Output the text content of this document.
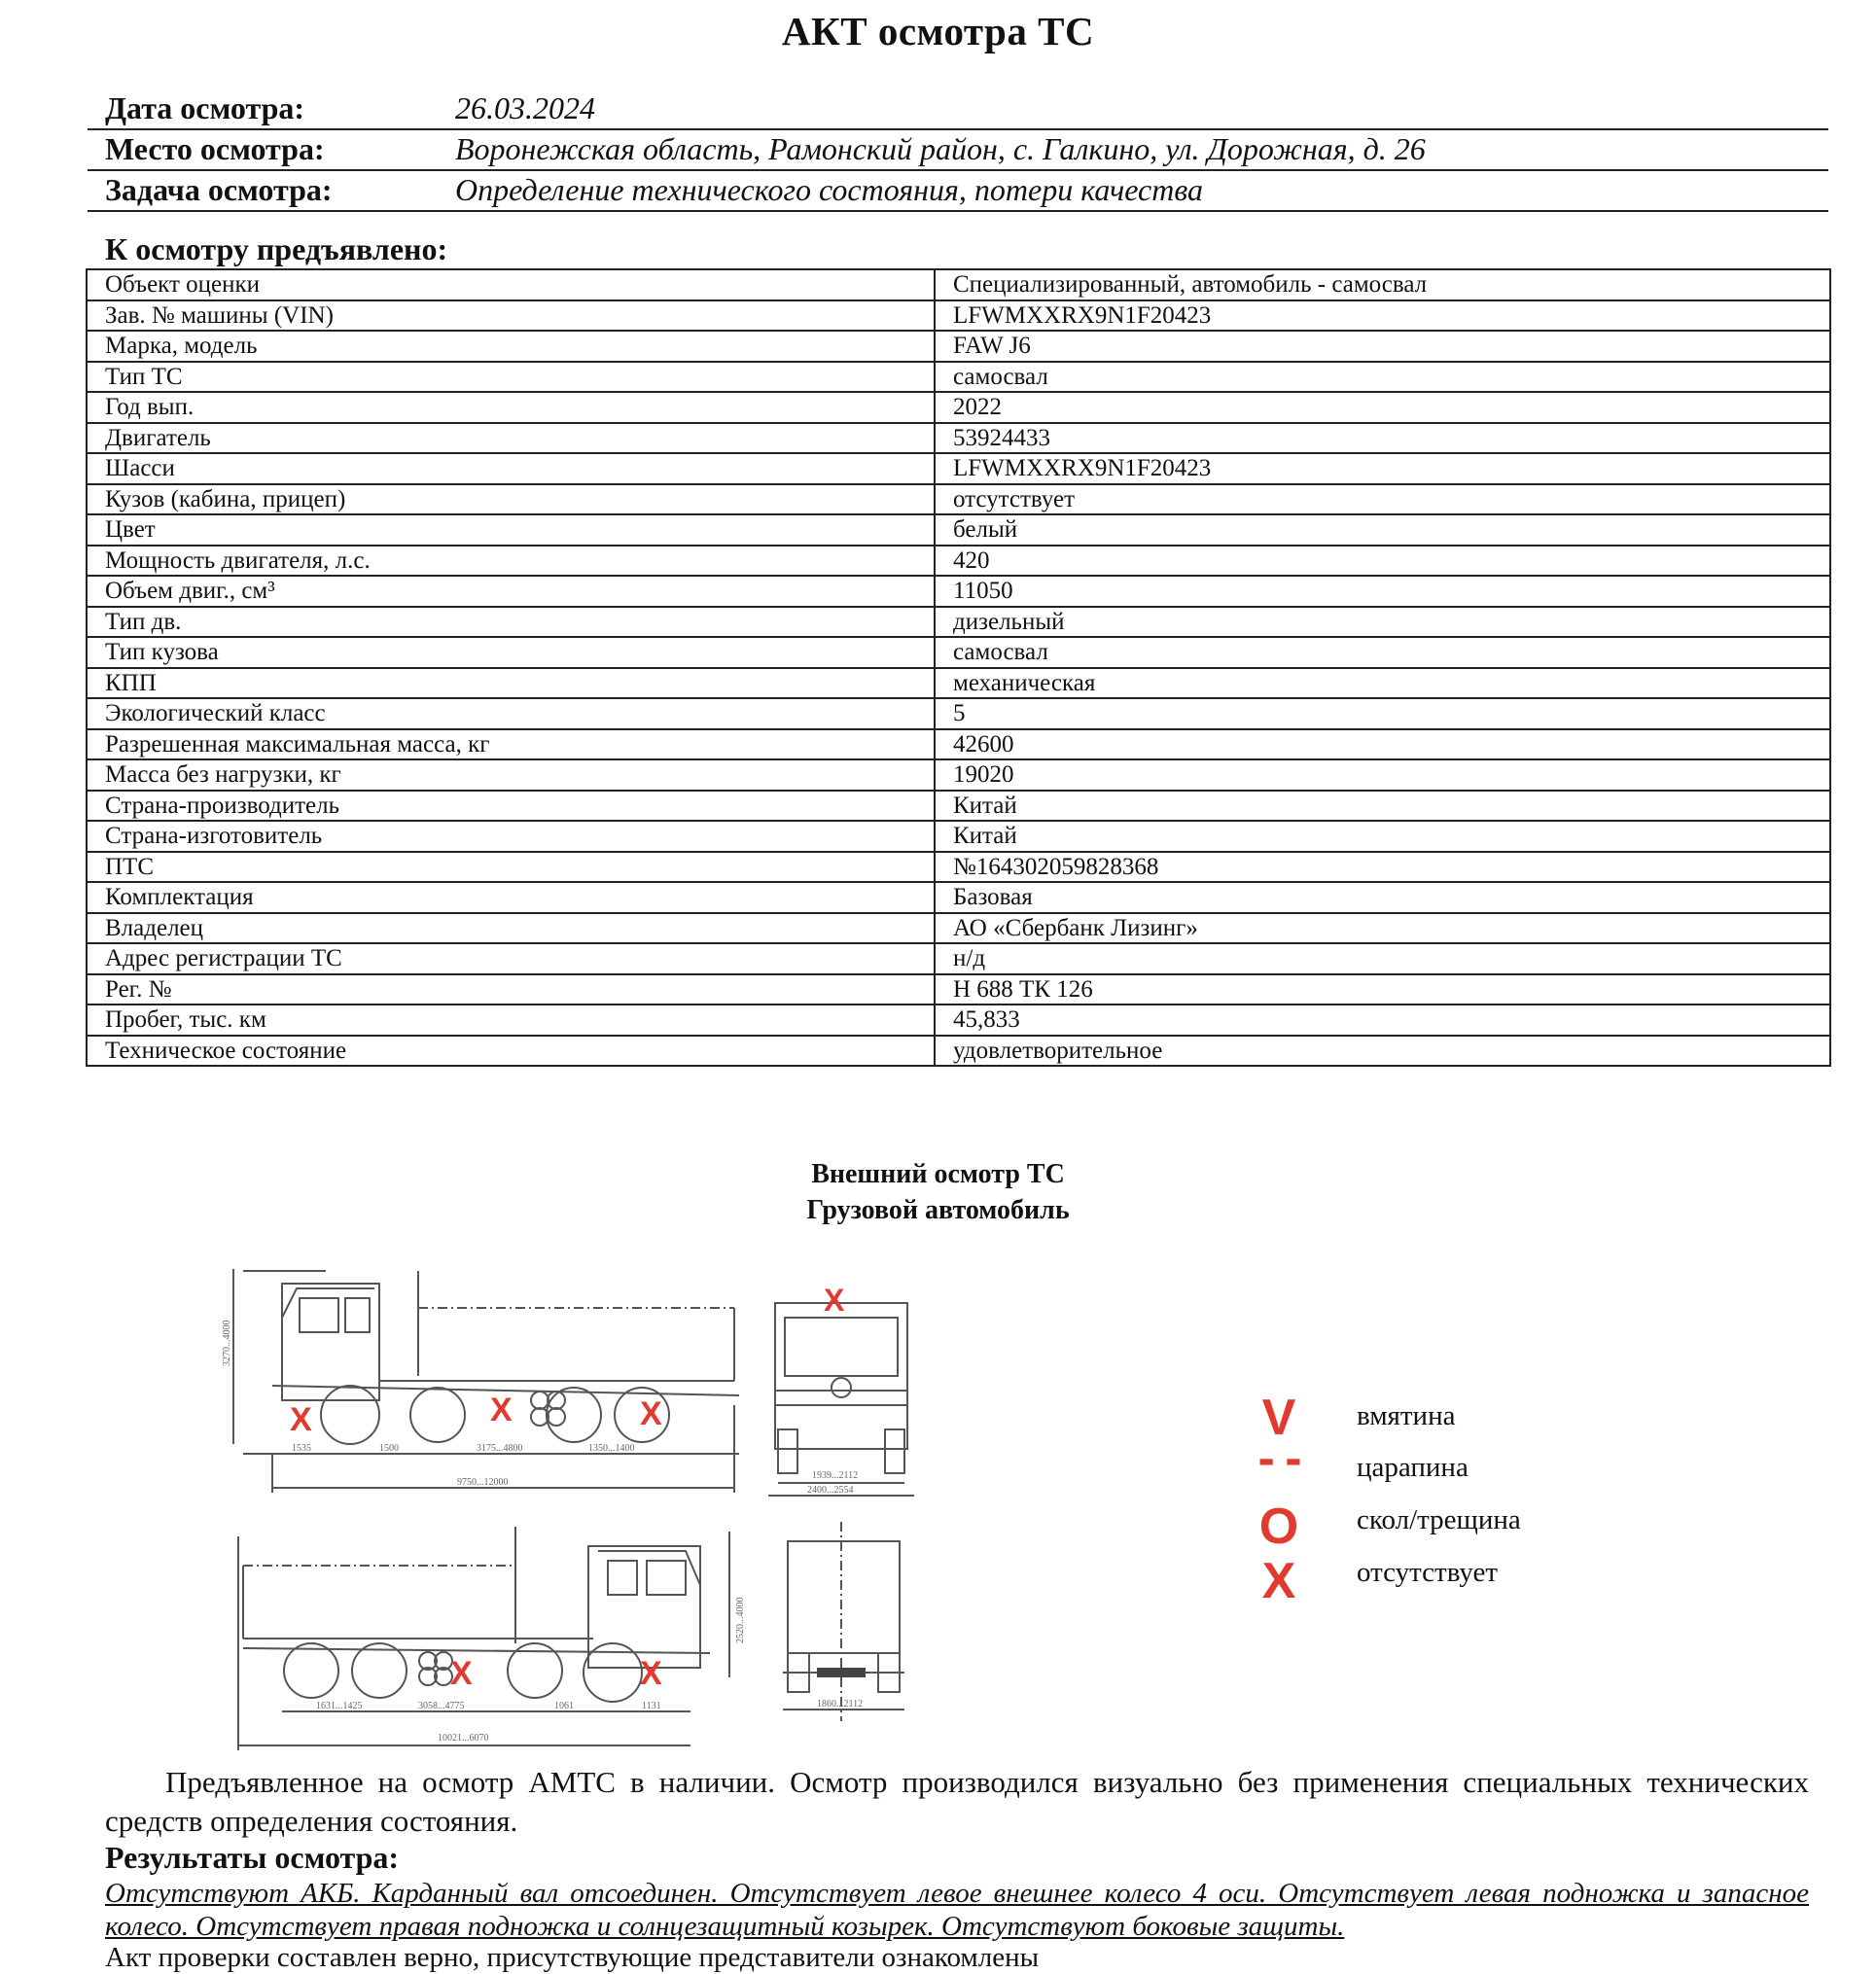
АКТ осмотра ТС
Дата осмотра:	26.03.2024
Место осмотра:	Воронежская область, Рамонский район, с. Галкино, ул. Дорожная, д. 26
Задача осмотра:	Определение технического состояния, потери качества
К осмотру предъявлено:
Объект оценки	Специализированный, автомобиль - самосвал
Зав. № машины (VIN)	LFWMXXRX9N1F20423
Марка, модель	FAW J6
Тип ТС	самосвал
Год вып.	2022
Двигатель	53924433
Шасси	LFWMXXRX9N1F20423
Кузов (кабина, прицеп)	отсутствует
Цвет	белый
Мощность двигателя, л.с.	420
Объем двиг., см³	11050
Тип дв.	дизельный
Тип кузова	самосвал
КПП	механическая
Экологический класс	5
Разрешенная максимальная масса, кг	42600
Масса без нагрузки, кг	19020
Страна-производитель	Китай
Страна-изготовитель	Китай
ПТС	№164302059828368
Комплектация	Базовая
Владелец	АО «Сбербанк Лизинг»
Адрес регистрации ТС	н/д
Рег. №	Н 688 ТК 126
Пробег, тыс. км	45,833
Техническое состояние	удовлетворительное
Внешний осмотр ТС
Грузовой автомобиль
1535	1500	3175...4800	1350...1400
9750...12000
3270...4000
X	X	X
1939...2112
2400...2554
X
1631...1425	3058...4775	1061	1131
10021...6070
2520...4000
X	X
1860...2112
V	вмятина
- -	царапина
O	скол/трещина
X	отсутствует
Предъявленное на осмотр АМТС в наличии. Осмотр производился визуально без применения специальных технических средств определения состояния.
Результаты осмотра:
Отсутствуют АКБ. Карданный вал отсоединен. Отсутствует левое внешнее колесо 4 оси. Отсутствует левая подножка и запасное колесо. Отсутствует правая подножка и солнцезащитный козырек. Отсутствуют боковые защиты.
Акт проверки составлен верно, присутствующие представители ознакомлены
